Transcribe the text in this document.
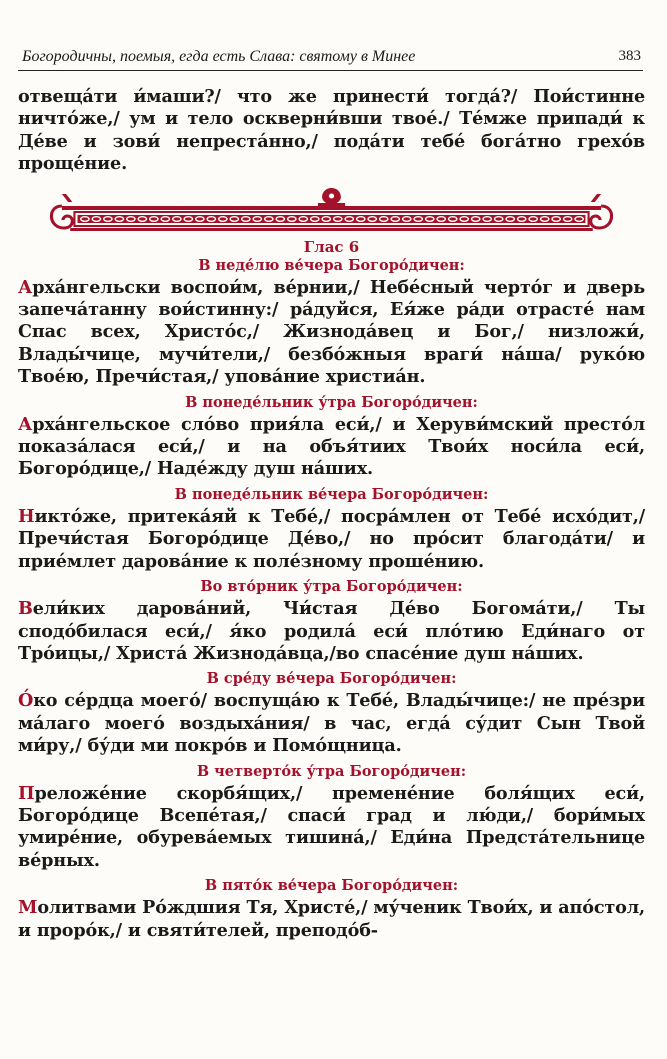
Богородичны, поемыя, егда есть Слава: святому в Минее	383

отвеща́ти и́маши?/ что же принести́ тогда́?/ Пои́стинне ничто́же,/ ум и тело оскверни́вши твое́./ Те́мже припади́ к Де́ве и зови́ непреста́нно,/ пода́ти тебе́ бога́тно грехо́в проще́ние.

Глас 6

В неде́лю ве́чера Богоро́дичен:

Арха́нгельски воспои́м, ве́рнии,/ Небе́сный черто́г и дверь запеча́танну вои́стинну:/ ра́дуйся, Ея́же ра́ди отрасте́ нам Спас всех, Христо́с,/ Жизнода́вец и Бог,/ низложи́, Влады́чице, мучи́тели,/ безбо́жныя враги́ на́ша/ руко́ю Твое́ю, Пречи́стая,/ упова́ние христиа́н.

В понеде́льник у́тра Богоро́дичен:

Арха́нгельское сло́во прия́ла еси́,/ и Херуви́мский престо́л показа́лася еси́,/ и на объя́тиих Твои́х носи́ла еси́, Богоро́дице,/ Наде́жду душ на́ших.

В понеде́льник ве́чера Богоро́дичен:

Никто́же, притека́яй к Тебе́,/ посра́млен от Тебе́ исхо́дит,/ Пречи́стая Богоро́дице Де́во,/ но про́сит благода́ти/ и прие́млет дарова́ние к поле́зному проше́нию.

Во вто́рник у́тра Богоро́дичен:

Вели́ких дарова́ний, Чи́стая Де́во Богома́ти,/ Ты сподо́билася еси́,/ я́ко родила́ еси́ пло́тию Еди́наго от Тро́ицы,/ Христа́ Жизнода́вца,/во спасе́ние душ на́ших.

В сре́ду ве́чера Богоро́дичен:

О́ко се́рдца моего́/ воспуща́ю к Тебе́, Влады́чице:/ не пре́зри ма́лаго моего́ воздыха́ния/ в час, егда́ су́дит Сын Твой ми́ру,/ бу́ди ми покро́в и Помо́щница.

В четверто́к у́тра Богоро́дичен:

Преложе́ние скорбя́щих,/ премене́ние боля́щих еси́, Богоро́дице Всепе́тая,/ спаси́ град и лю́ди,/ бори́мых умире́ние, обурева́емых тишина́,/ Еди́на Предста́тельнице ве́рных.

В пято́к ве́чера Богоро́дичен:

Молитвами Ро́ждшия Тя, Христе́,/ му́ченик Твои́х, и апо́стол, и проро́к,/ и святи́телей, преподо́б-
